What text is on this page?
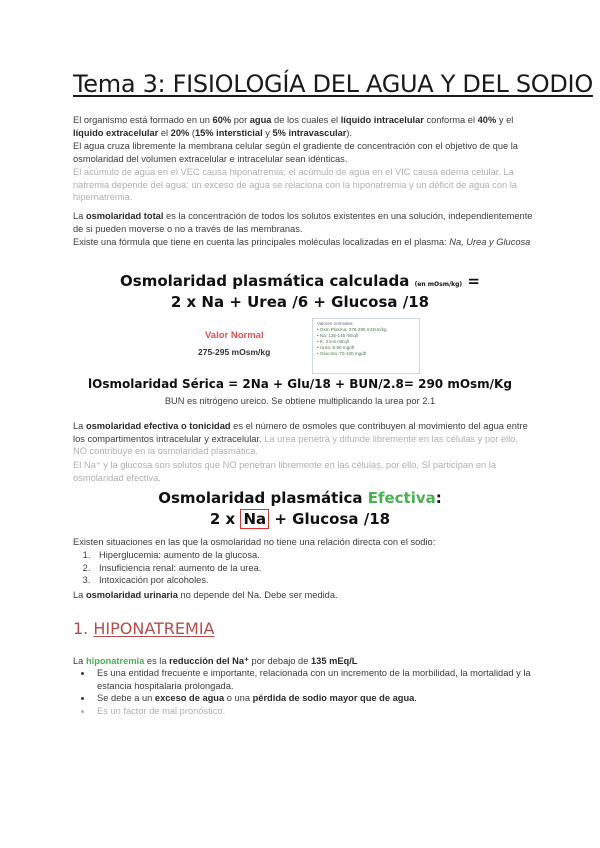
Tema 3: FISIOLOGÍA DEL AGUA Y DEL SODIO
El organismo está formado en un 60% por agua de los cuales el líquido intracelular conforma el 40% y el líquido extracelular el 20% (15% intersticial y 5% intravascular).
El agua cruza libremente la membrana celular según el gradiente de concentración con el objetivo de que la osmolaridad del volumen extracelular e intracelular sean idénticas.
El acúmulo de agua en el VEC causa hiponatremia; el acúmulo de agua en el VIC causa edema celular. La natremia depende del agua: un exceso de agua se relaciona con la hiponatremia y un déficit de agua con la hipernatremia.
La osmolaridad total es la concentración de todos los solutos existentes en una solución, independientemente de si pueden moverse o no a través de las membranas.
Existe una fórmula que tiene en cuenta las principales moléculas localizadas en el plasma: Na, Urea y Glucosa
Osmolaridad plasmática calculada (en mOsm/kg) =
2 x Na + Urea /6 + Glucosa /18
Valor Normal
275-295 mOsm/kg
Valores normales:
• Osm Plasma: 275-295 mOsm/kg
• Na: 135-145 mEq/l
• K: 3.5-5 mEq/l
• Urea: 5-50 mg/dl
• Glucosa: 70-100 mg/dl
lOsmolaridad Sérica = 2Na + Glu/18 + BUN/2.8= 290 mOsm/Kg
BUN es nitrógeno ureico. Se obtiene multiplicando la urea por 2.1
La osmolaridad efectiva o tonicidad es el número de osmoles que contribuyen al movimiento del agua entre los compartimentos intracelular y extracelular. La urea penetra y difunde libremente en las células y por ello, NO contribuye en la osmolaridad plasmática.
El Na⁺ y la glucosa son solutos que NO penetran libremente en las células, por ello, SÍ participan en la osmolaridad efectiva.
Osmolaridad plasmática Efectiva:
2 x Na + Glucosa /18
Existen situaciones en las que la osmolaridad no tiene una relación directa con el sodio:
1. Hiperglucemia: aumento de la glucosa.
2. Insuficiencia renal: aumento de la urea.
3. Intoxicación por alcoholes.
La osmolaridad urinaria no depende del Na. Debe ser medida.
1. HIPONATREMIA
La hiponatremia es la reducción del Na⁺ por debajo de 135 mEq/L
• Es una entidad frecuente e importante, relacionada con un incremento de la morbilidad, la mortalidad y la estancia hospitalaria prolongada.
• Se debe a un exceso de agua o una pérdida de sodio mayor que de agua.
• Es un factor de mal pronóstico.
